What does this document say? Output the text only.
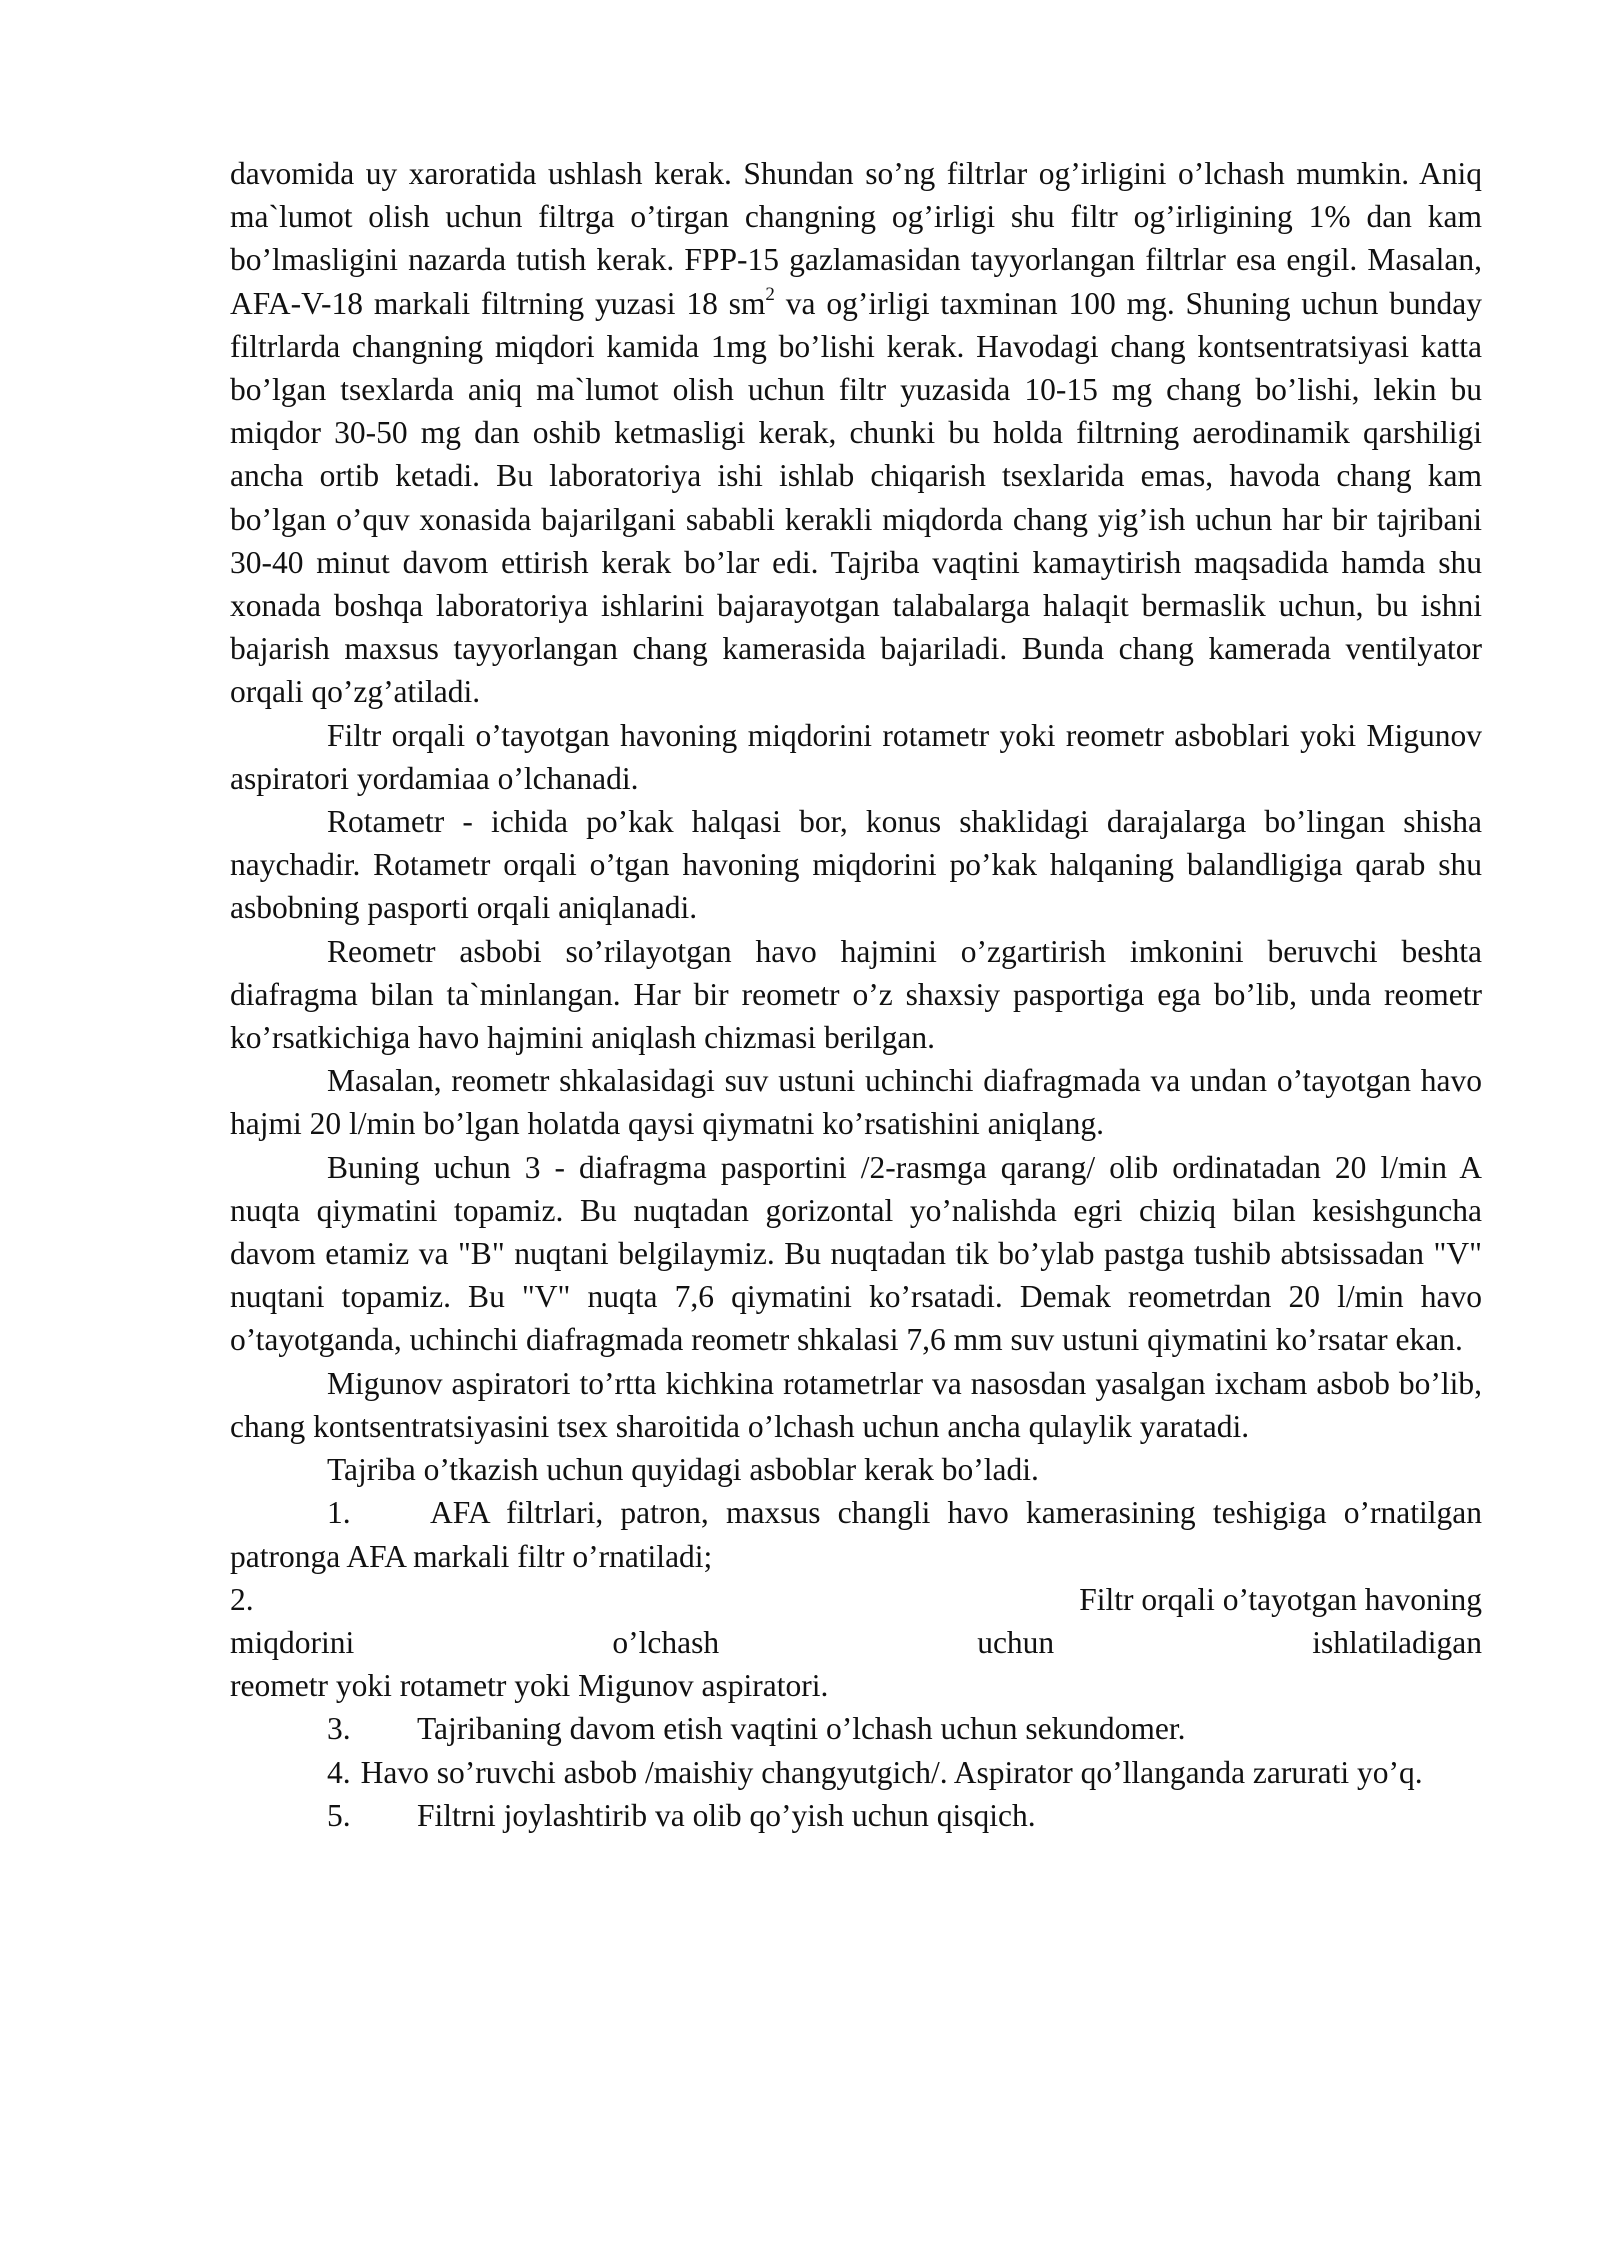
davomida uy xaroratida ushlash kerak. Shundan so’ng filtrlar og’irligini o’lchash mumkin. Aniq ma`lumot olish uchun filtrga o’tirgan changning og’irligi shu filtr og’irligining 1% dan kam bo’lmasligini nazarda tutish kerak. FPP-15 gazlamasidan tayyorlangan filtrlar esa engil. Masalan, AFA-V-18 markali filtrning yuzasi 18 $sm^2$ va og’irligi taxminan 100 mg. Shuning uchun bunday filtrlarda changning miqdori kamida 1mg bo’lishi kerak. Havodagi chang kontsentratsiyasi katta bo’lgan tsexlarda aniq ma`lumot olish uchun filtr yuzasida 10-15 mg chang bo’lishi, lekin bu miqdor 30-50 mg dan oshib ketmasligi kerak, chunki bu holda filtrning aerodinamik qarshiligi ancha ortib ketadi. Bu laboratoriya ishi ishlab chiqarish tsexlarida emas, havoda chang kam bo’lgan o’quv xonasida bajarilgani sababli kerakli miqdorda chang yig’ish uchun har bir tajribani 30-40 minut davom ettirish kerak bo’lar edi. Tajriba vaqtini kamaytirish maqsadida hamda shu xonada boshqa laboratoriya ishlarini bajarayotgan talabalarga halaqit bermaslik uchun, bu ishni bajarish maxsus tayyorlangan chang kamerasida bajariladi. Bunda chang kamerada ventilyator orqali qo’zg’atiladi.

Filtr orqali o’tayotgan havoning miqdorini rotametr yoki reometr asboblari yoki Migunov aspiratori yordamiaa o’lchanadi.

Rotametr - ichida po’kak halqasi bor, konus shaklidagi darajalarga bo’lingan shisha naychadir. Rotametr orqali o’tgan havoning miqdorini po’kak halqaning balandligiga qarab shu asbobning pasporti orqali aniqlanadi.

Reometr asbobi so’rilayotgan havo hajmini o’zgartirish imkonini beruvchi beshta diafragma bilan ta`minlangan. Har bir reometr o’z shaxsiy pasportiga ega bo’lib, unda reometr ko’rsatkichiga havo hajmini aniqlash chizmasi berilgan.

Masalan, reometr shkalasidagi suv ustuni uchinchi diafragmada va undan o’tayotgan havo hajmi 20 l/min bo’lgan holatda qaysi qiymatni ko’rsatishini aniqlang.

Buning uchun 3 - diafragma pasportini /2-rasmga qarang/ olib ordinatadan 20 l/min A nuqta qiymatini topamiz. Bu nuqtadan gorizontal yo’nalishda egri chiziq bilan kesishguncha davom etamiz va "B" nuqtani belgilaymiz. Bu nuqtadan tik bo’ylab pastga tushib abtsissadan "V" nuqtani topamiz. Bu "V" nuqta 7,6 qiymatini ko’rsatadi. Demak reometrdan 20 l/min havo o’tayotganda, uchinchi diafragmada reometr shkalasi 7,6 mm suv ustuni qiymatini ko’rsatar ekan.

Migunov aspiratori to’rtta kichkina rotametrlar va nasosdan yasalgan ixcham asbob bo’lib, chang kontsentratsiyasini tsex sharoitida o’lchash uchun ancha qulaylik yaratadi.

Tajriba o’tkazish uchun quyidagi asboblar kerak bo’ladi.

1.	AFA filtrlari, patron, maxsus changli havo kamerasining teshigiga o’rnatilgan patronga AFA markali filtr o’rnatiladi;

2.	Filtr orqali o’tayotgan havoning

miqdorini	o’lchash	uchun	ishlatiladigan

reometr yoki rotametr yoki Migunov aspiratori.

3. Tajribaning davom etish vaqtini o’lchash uchun sekundomer.

4. Havo so’ruvchi asbob /maishiy changyutgich/. Aspirator qo’llanganda zarurati yo’q.

5. Filtrni joylashtirib va olib qo’yish uchun qisqich.
